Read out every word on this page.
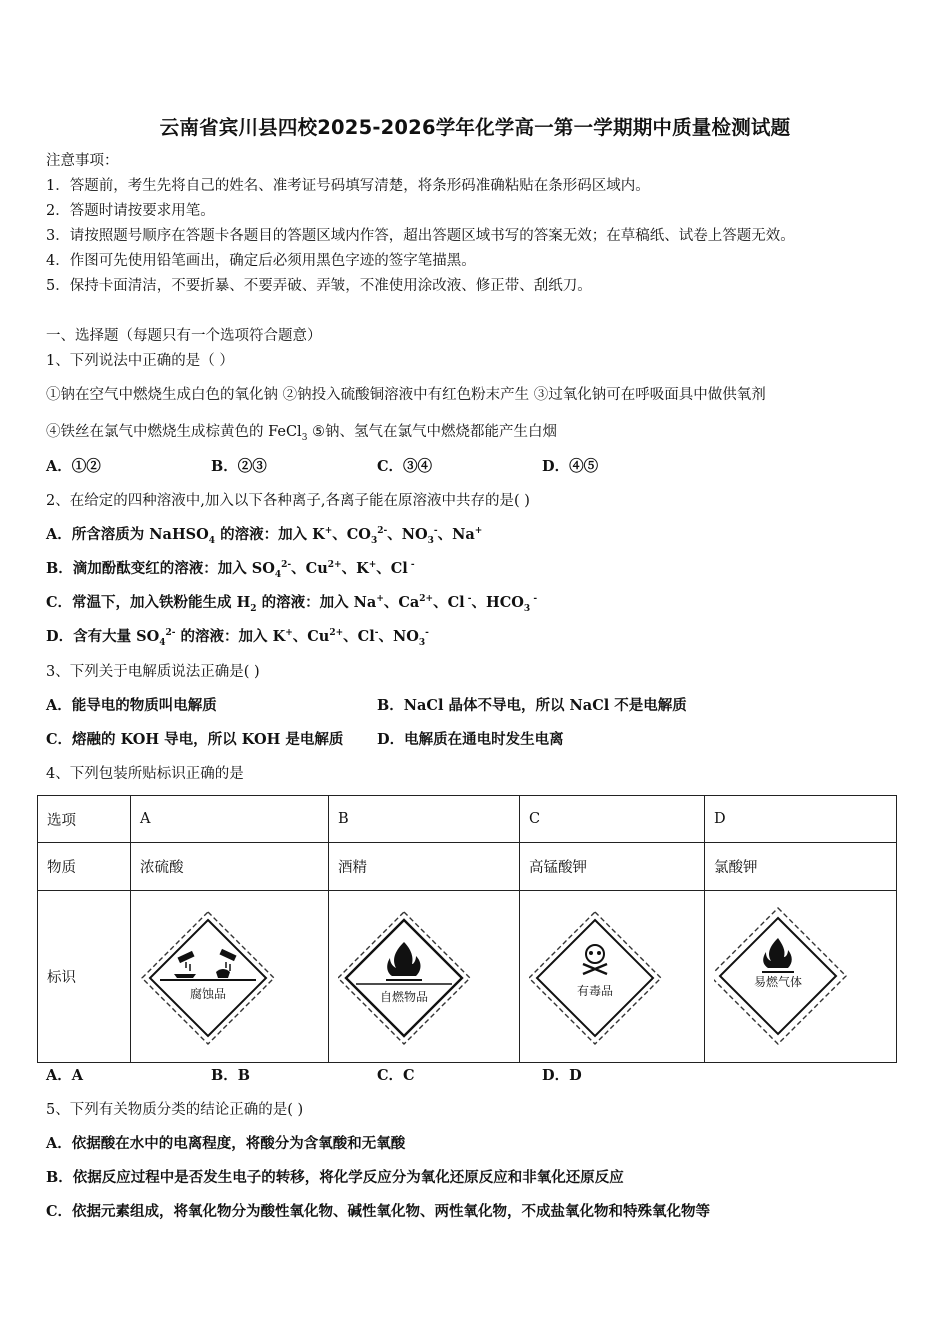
云南省宾川县四校2025-2026学年化学高一第一学期期中质量检测试题
注意事项：
1．答题前，考生先将自己的姓名、准考证号码填写清楚，将条形码准确粘贴在条形码区域内。
2．答题时请按要求用笔。
3．请按照题号顺序在答题卡各题目的答题区域内作答，超出答题区域书写的答案无效；在草稿纸、试卷上答题无效。
4．作图可先使用铅笔画出，确定后必须用黑色字迹的签字笔描黑。
5．保持卡面清洁，不要折暴、不要弄破、弄皱，不准使用涂改液、修正带、刮纸刀。
一、选择题（每题只有一个选项符合题意）
1、下列说法中正确的是（ ）
①钠在空气中燃烧生成白色的氧化钠 ②钠投入硫酸铜溶液中有红色粉末产生 ③过氧化钠可在呼吸面具中做供氧剂
④铁丝在氯气中燃烧生成棕黄色的 FeCl$_3$ ⑤钠、氢气在氯气中燃烧都能产生白烟
A．①②	B．②③	C．③④	D．④⑤
2、在给定的四种溶液中,加入以下各种离子,各离子能在原溶液中共存的是( )
A．所含溶质为 NaHSO$_4$ 的溶液：加入 K+、$CO_3^{2-}$、$NO_3^-$、Na+
B．滴加酚酞变红的溶液：加入 $SO_4^{2-}$、$Cu^{2+}$、K+、Cl -
C．常温下，加入铁粉能生成 $H_2$ 的溶液：加入 Na+、$Ca^{2+}$、Cl -、$HCO_3$ -
D．含有大量 $SO_4^{2-}$ 的溶液：加入 K+、$Cu^{2+}$、Cl-、$NO_3^-$
3、下列关于电解质说法正确是( )
A．能导电的物质叫电解质	B．NaCl 晶体不导电，所以 NaCl 不是电解质
C．熔融的 KOH 导电，所以 KOH 是电解质 D．电解质在通电时发生电离
4、下列包装所贴标识正确的是
选项	A	B	C	D
物质	浓硫酸	酒精	高锰酸钾	氯酸钾
标识	腐蚀品	自燃物品	有毒品	易燃气体
A．A	B．B	C．C	D．D
5、下列有关物质分类的结论正确的是( )
A．依据酸在水中的电离程度，将酸分为含氧酸和无氧酸
B．依据反应过程中是否发生电子的转移，将化学反应分为氧化还原反应和非氧化还原反应
C．依据元素组成，将氧化物分为酸性氧化物、碱性氧化物、两性氧化物，不成盐氧化物和特殊氧化物等
